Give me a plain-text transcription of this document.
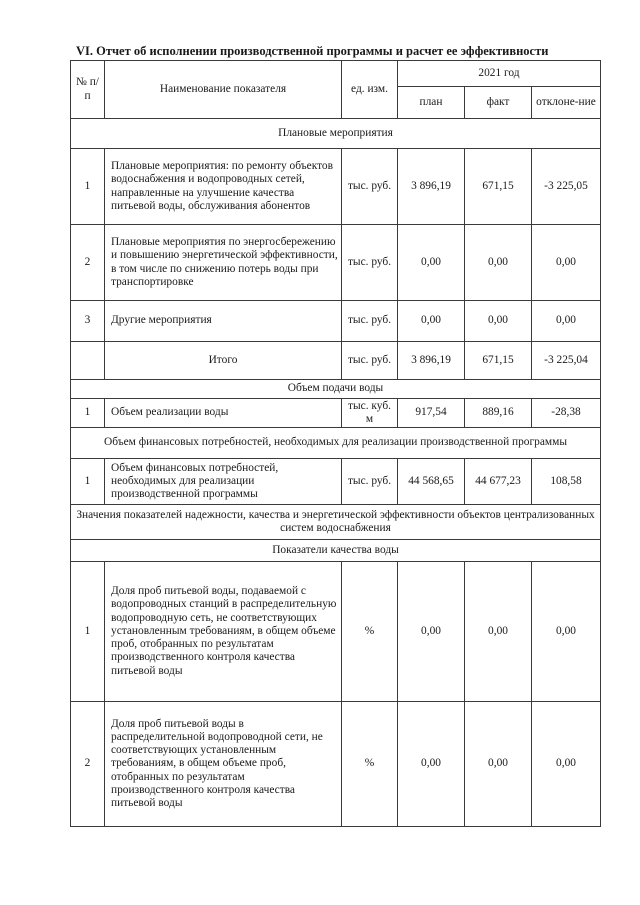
VI. Отчет об исполнении производственной программы и расчет ее эффективности
№ п/п	Наименование показателя	ед. изм.	2021 год		
			план	факт	отклоне-ние
Плановые мероприятия					
1	Плановые мероприятия: по ремонту объектов водоснабжения и водопроводных сетей, направленные на улучшение качества питьевой воды, обслуживания абонентов	тыс. руб.	3 896,19	671,15	-3 225,05
2	Плановые мероприятия по энергосбережению и повышению энергетической эффективности, в том числе по снижению потерь воды при транспортировке	тыс. руб.	0,00	0,00	0,00
3	Другие мероприятия	тыс. руб.	0,00	0,00	0,00
	Итого	тыс. руб.	3 896,19	671,15	-3 225,04
Объем подачи воды					
1	Объем реализации воды	тыс. куб. м	917,54	889,16	-28,38
Объем финансовых потребностей, необходимых для реализации производственной программы					
1	Объем финансовых потребностей, необходимых для реализации производственной программы	тыс. руб.	44 568,65	44 677,23	108,58
Значения показателей надежности, качества и энергетической эффективности объектов централизованных систем водоснабжения					
Показатели качества воды					
1	Доля проб питьевой воды, подаваемой с водопроводных станций в распределительную водопроводную сеть, не соответствующих установленным требованиям, в общем объеме проб, отобранных по результатам производственного контроля качества питьевой воды	%	0,00	0,00	0,00
2	Доля проб питьевой воды в распределительной водопроводной сети, не соответствующих установленным требованиям, в общем объеме проб, отобранных по результатам производственного контроля качества питьевой воды	%	0,00	0,00	0,00
